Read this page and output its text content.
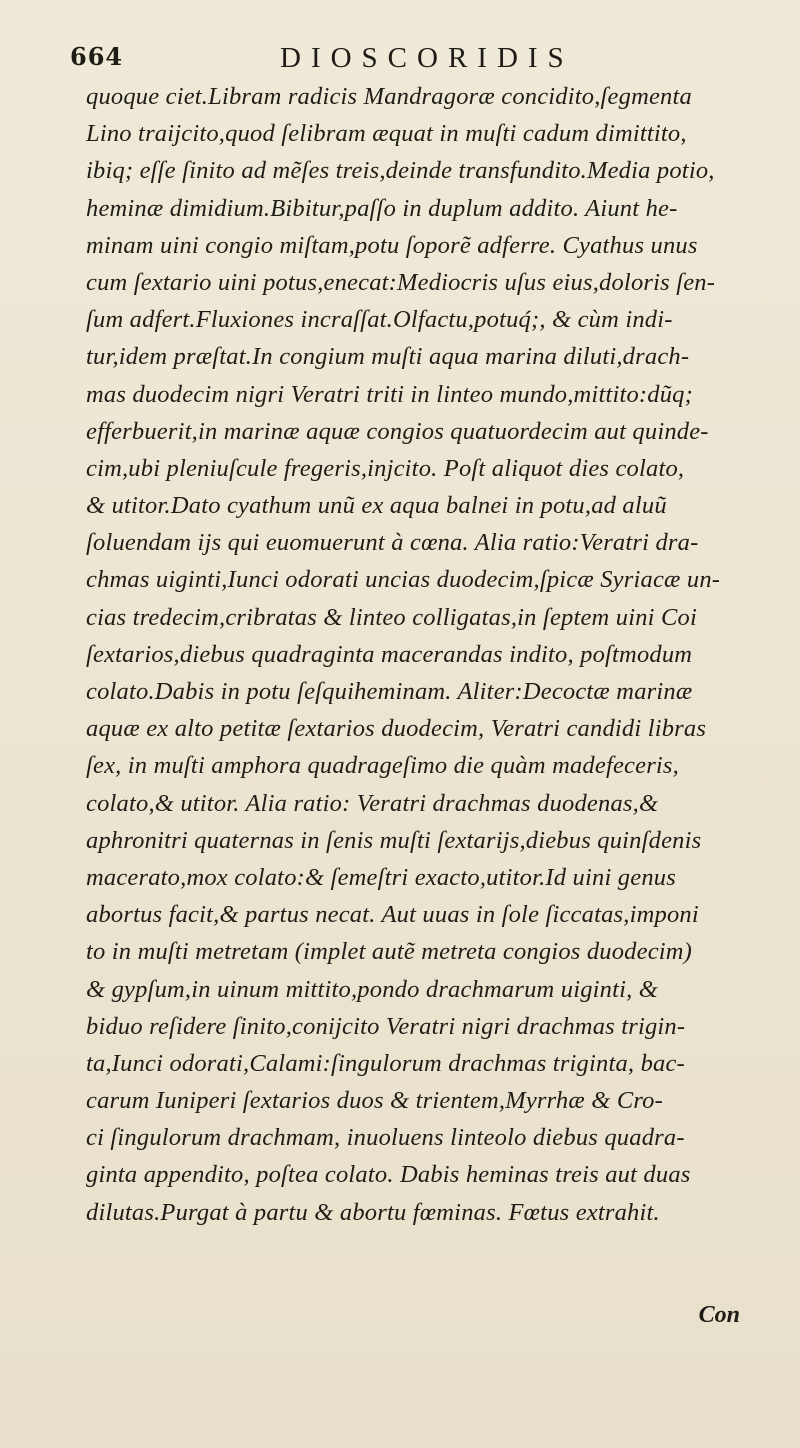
664	DIOSCORIDIS
quoque ciet.Libram radicis Mandragoræ concidito,ſegmenta
Lino traijcito,quod ſelibram æquat in muſti cadum dimittito,
ibiq; eſſe ſinito ad mẽſes treis,deinde transfundito.Media potio,
heminæ dimidium.Bibitur,paſſo in duplum addito. Aiunt he-
minam uini congio miſtam,potu ſoporẽ adferre. Cyathus unus
cum ſextario uini potus,enecat:Mediocris uſus eius,doloris ſen-
ſum adfert.Fluxiones incraſſat.Olfactu,potuq́;, & cùm indi-
tur,idem præſtat.In congium muſti aqua marina diluti,drach-
mas duodecim nigri Veratri triti in linteo mundo,mittito:dũq;
efferbuerit,in marinæ aquæ congios quatuordecim aut quinde-
cim,ubi pleniuſcule fregeris,injcito. Poſt aliquot dies colato,
& utitor.Dato cyathum unũ ex aqua balnei in potu,ad aluũ
ſoluendam ijs qui euomuerunt à cœna. Alia ratio:Veratri dra-
chmas uiginti,Iunci odorati uncias duodecim,ſpicæ Syriacæ un-
cias tredecim,cribratas & linteo colligatas,in ſeptem uini Coi
ſextarios,diebus quadraginta macerandas indito, poſtmodum
colato.Dabis in potu ſeſquiheminam. Aliter:Decoctæ marinæ
aquæ ex alto petitæ ſextarios duodecim, Veratri candidi libras
ſex, in muſti amphora quadrageſimo die quàm madefeceris,
colato,& utitor. Alia ratio: Veratri drachmas duodenas,&
aphronitri quaternas in ſenis muſti ſextarijs,diebus quinſdenis
macerato,mox colato:& ſemeſtri exacto,utitor.Id uini genus
abortus facit,& partus necat. Aut uuas in ſole ſiccatas,imponi
to in muſti metretam (implet autẽ metreta congios duodecim)
& gypſum,in uinum mittito,pondo drachmarum uiginti, &
biduo reſidere ſinito,conijcito Veratri nigri drachmas trigin-
ta,Iunci odorati,Calami:ſingulorum drachmas triginta, bac-
carum Iuniperi ſextarios duos & trientem,Myrrhæ & Cro-
ci ſingulorum drachmam, inuoluens linteolo diebus quadra-
ginta appendito, poſtea colato. Dabis heminas treis aut duas
dilutas.Purgat à partu & abortu fœminas. Fœtus extrahit.
Con
